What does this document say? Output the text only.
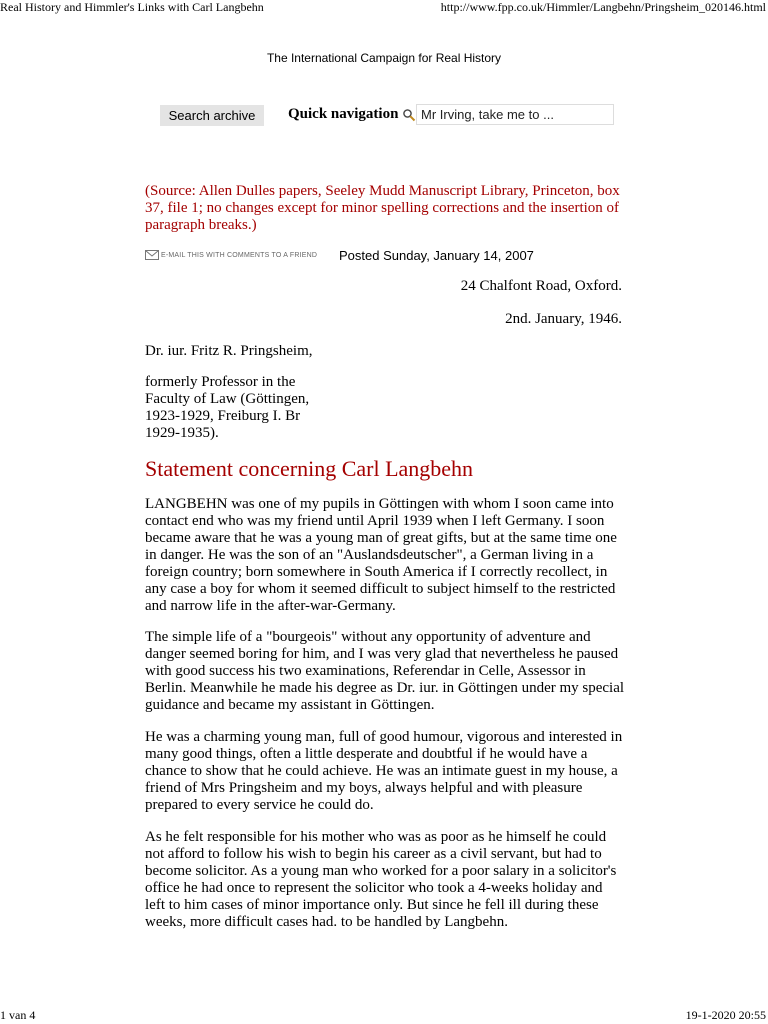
Real History and Himmler's Links with Carl Langbehn	http://www.fpp.co.uk/Himmler/Langbehn/Pringsheim_020146.html
The International Campaign for Real History
Search archive	Quick navigation	Mr Irving, take me to ...
(Source: Allen Dulles papers, Seeley Mudd Manuscript Library, Princeton, box 37, file 1; no changes except for minor spelling corrections and the insertion of paragraph breaks.)
E-MAIL THIS WITH COMMENTS TO A FRIEND Posted Sunday, January 14, 2007
24 Chalfont Road, Oxford.
2nd. January, 1946.
Dr. iur. Fritz R. Pringsheim,
formerly Professor in the
Faculty of Law (Göttingen,
1923-1929, Freiburg I. Br
1929-1935).
Statement concerning Carl Langbehn
LANGBEHN was one of my pupils in Göttingen with whom I soon came into contact end who was my friend until April 1939 when I left Germany. I soon became aware that he was a young man of great gifts, but at the same time one in danger. He was the son of an "Auslandsdeutscher", a German living in a foreign country; born somewhere in South America if I correctly recollect, in any case a boy for whom it seemed difficult to subject himself to the restricted and narrow life in the after-war-Germany.
The simple life of a "bourgeois" without any opportunity of adventure and danger seemed boring for him, and I was very glad that nevertheless he paused with good success his two examinations, Referendar in Celle, Assessor in Berlin. Meanwhile he made his degree as Dr. iur. in Göttingen under my special guidance and became my assistant in Göttingen.
He was a charming young man, full of good humour, vigorous and interested in many good things, often a little desperate and doubtful if he would have a chance to show that he could achieve. He was an intimate guest in my house, a friend of Mrs Pringsheim and my boys, always helpful and with pleasure prepared to every service he could do.
As he felt responsible for his mother who was as poor as he himself he could not afford to follow his wish to begin his career as a civil servant, but had to become solicitor. As a young man who worked for a poor salary in a solicitor's office he had once to represent the solicitor who took a 4-weeks holiday and left to him cases of minor importance only. But since he fell ill during these weeks, more difficult cases had. to be handled by Langbehn.
1 van 4	19-1-2020 20:55
